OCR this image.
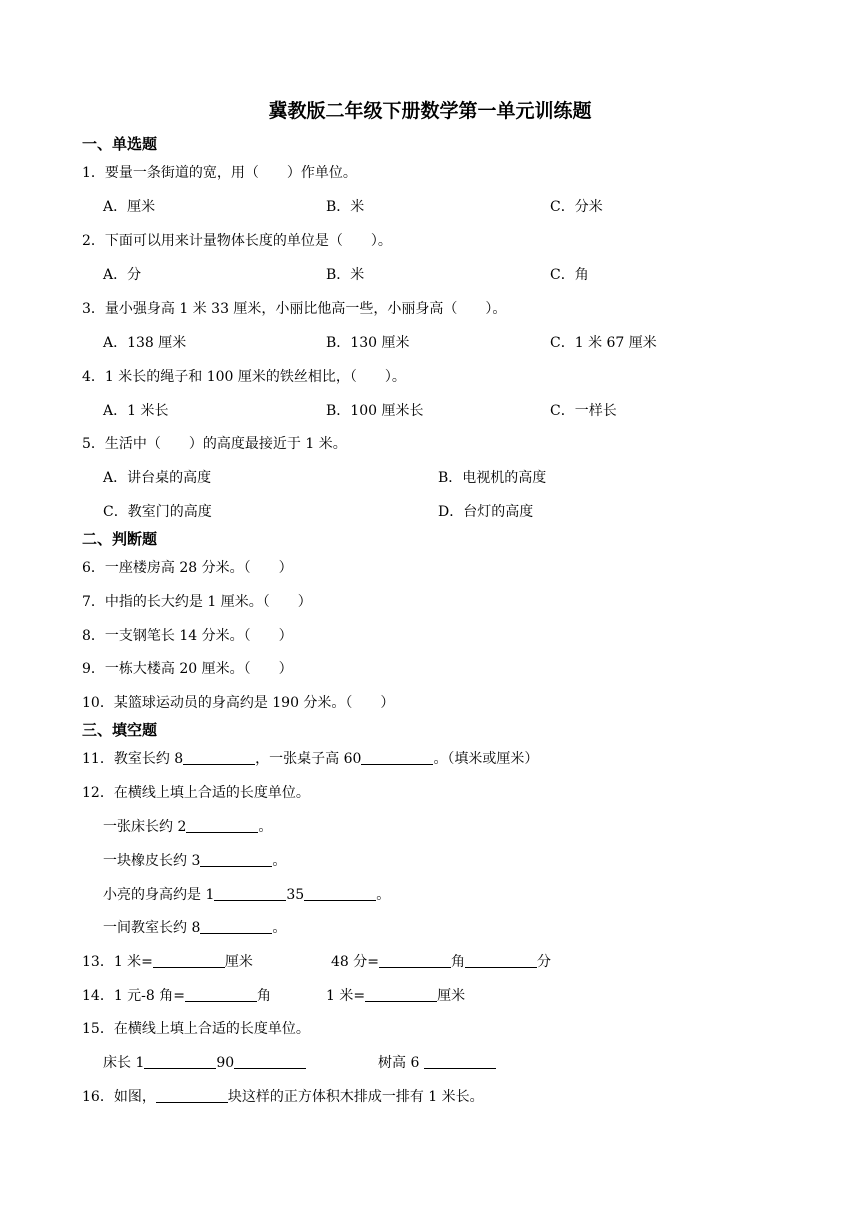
冀教版二年级下册数学第一单元训练题
一、单选题
1．要量一条街道的宽，用（　　）作单位。
A．厘米	B．米	C．分米
2．下面可以用来计量物体长度的单位是（　　）。
A．分	B．米	C．角
3．量小强身高 1 米 33 厘米，小丽比他高一些，小丽身高（　　）。
A．138 厘米	B．130 厘米	C．1 米 67 厘米
4．1 米长的绳子和 100 厘米的铁丝相比，（　　）。
A．1 米长	B．100 厘米长	C．一样长
5．生活中（　　）的高度最接近于 1 米。
A．讲台桌的高度	B．电视机的高度
C．教室门的高度	D．台灯的高度
二、判断题
6．一座楼房高 28 分米。（　　）
7．中指的长大约是 1 厘米。（　　）
8．一支钢笔长 14 分米。（　　）
9．一栋大楼高 20 厘米。（　　）
10．某篮球运动员的身高约是 190 分米。（　　）
三、填空题
11．教室长约 8	，一张桌子高 60	。（填米或厘米）
12．在横线上填上合适的长度单位。
一张床长约 2	。
一块橡皮长约 3	。
小亮的身高约是 1	35	。
一间教室长约 8	。
13．1 米=	厘米	48 分=	角	分
14．1 元-8 角=	角	1 米=	厘米
15．在横线上填上合适的长度单位。
床长 1	90	树高 6
16．如图，	块这样的正方体积木排成一排有 1 米长。
